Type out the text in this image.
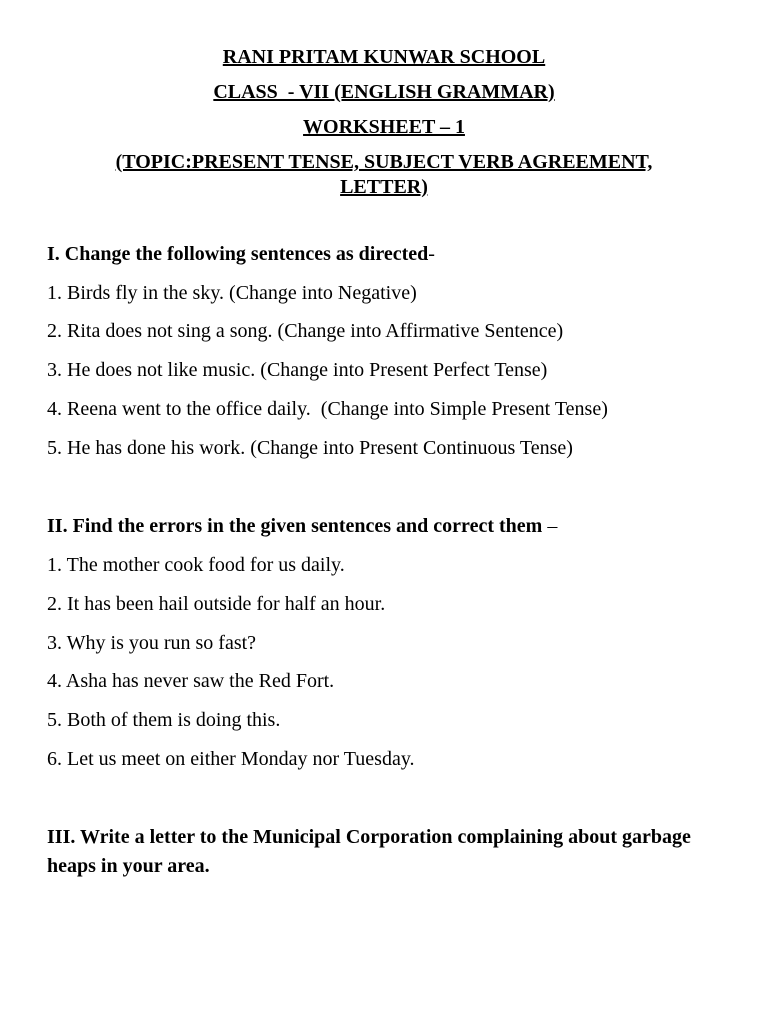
RANI PRITAM KUNWAR SCHOOL
CLASS  - VII (ENGLISH GRAMMAR)
WORKSHEET – 1
(TOPIC:PRESENT TENSE, SUBJECT VERB AGREEMENT,
LETTER)
I. Change the following sentences as directed-
1. Birds fly in the sky. (Change into Negative)
2. Rita does not sing a song. (Change into Affirmative Sentence)
3. He does not like music. (Change into Present Perfect Tense)
4. Reena went to the office daily.  (Change into Simple Present Tense)
5. He has done his work. (Change into Present Continuous Tense)
II. Find the errors in the given sentences and correct them –
1. The mother cook food for us daily.
2. It has been hail outside for half an hour.
3. Why is you run so fast?
4. Asha has never saw the Red Fort.
5. Both of them is doing this.
6. Let us meet on either Monday nor Tuesday.
III. Write a letter to the Municipal Corporation complaining about garbage heaps in your area.
